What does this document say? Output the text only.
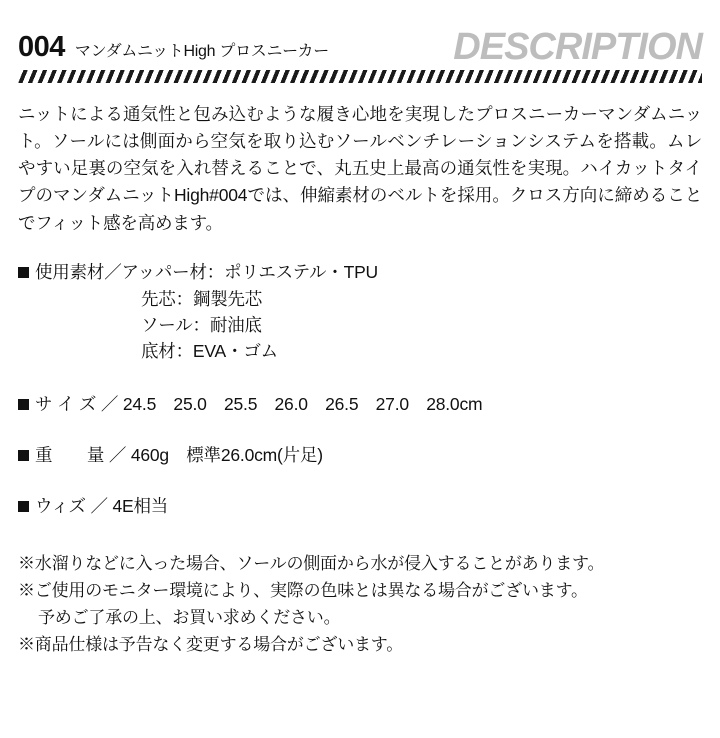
004 マンダムニットHigh プロスニーカー	DESCRIPTION
ニットによる通気性と包み込むような履き心地を実現したプロスニーカーマンダムニット。ソールには側面から空気を取り込むソールベンチレーションシステムを搭載。ムレやすい足裏の空気を入れ替えることで、丸五史上最高の通気性を実現。ハイカットタイプのマンダムニットHigh#004では、伸縮素材のベルトを採用。クロス方向に締めることでフィット感を高めます。
使用素材／アッパー材：ポリエステル・TPU
先芯：鋼製先芯
ソール：耐油底
底材：EVA・ゴム
サ イ ズ ／ 24.5　25.0　25.5　26.0　26.5　27.0　28.0cm
重　　量 ／ 460g　標準26.0cm(片足)
ウィズ ／ 4E相当
※水溜りなどに入った場合、ソールの側面から水が侵入することがあります。
※ご使用のモニター環境により、実際の色味とは異なる場合がございます。
予めご了承の上、お買い求めください。
※商品仕様は予告なく変更する場合がございます。
